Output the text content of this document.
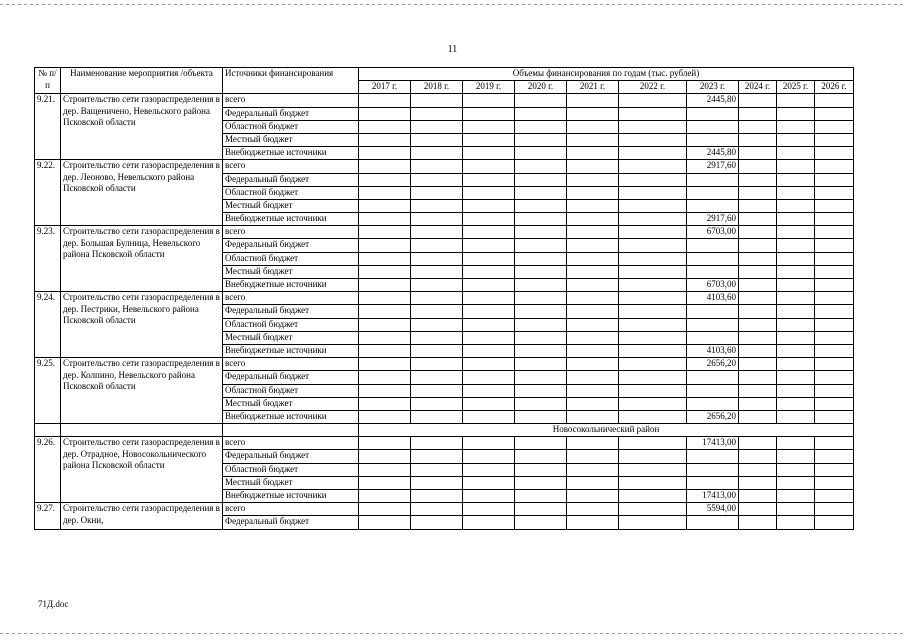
11
№ п/п	Наименование мероприятия /объекта	Источники финансирования	Объемы финансирования по годам (тыс. рублей)									
			2017 г.	2018 г.	2019 г.	2020 г.	2021 г.	2022 г.	2023 г.	2024 г.	2025 г.	2026 г.
9.21.	Строительство сети газораспределения в дер. Ващеничено, Невельского района Псковской области	всего							2445,80			
		Федеральный бюджет										
		Областной бюджет										
		Местный бюджет										
		Внебюджетные источники							2445,80			
9.22.	Строительство сети газораспределения в дер. Леоново, Невельского района Псковской области	всего							2917,60			
		Федеральный бюджет										
		Областной бюджет										
		Местный бюджет										
		Внебюджетные источники							2917,60			
9.23.	Строительство сети газораспределения в дер. Большая Булница, Невельского района Псковской области	всего							6703,00			
		Федеральный бюджет										
		Областной бюджет										
		Местный бюджет										
		Внебюджетные источники							6703,00			
9.24.	Строительство сети газораспределения в дер. Пестрики, Невельского района Псковской области	всего							4103,60			
		Федеральный бюджет										
		Областной бюджет										
		Местный бюджет										
		Внебюджетные источники							4103,60			
9.25.	Строительство сети газораспределения в дер. Колпино, Невельского района Псковской области	всего							2656,20			
		Федеральный бюджет										
		Областной бюджет										
		Местный бюджет										
		Внебюджетные источники							2656,20			
			Новосокольнический район									
9.26.	Строительство сети газораспределения в дер. Отрадное, Новосокольнического района Псковской области	всего							17413,00			
		Федеральный бюджет										
		Областной бюджет										
		Местный бюджет										
		Внебюджетные источники							17413,00			
9.27.	Строительство сети газораспределения в дер. Окни,	всего							5594,00			
		Федеральный бюджет										
71Д.doc
